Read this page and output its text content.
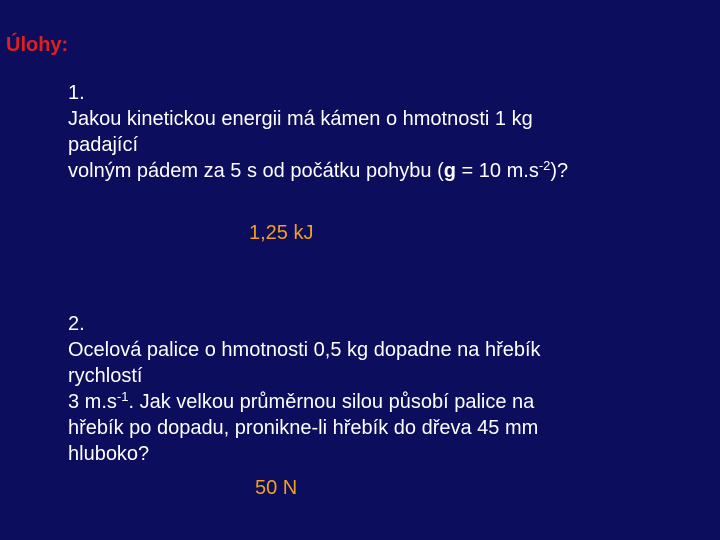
Úlohy:
1.
Jakou kinetickou energii má kámen o hmotnosti 1 kg
padající
volným pádem za 5 s od počátku pohybu (g = 10 $m.s^{-2}$)?
1,25 kJ
2.
Ocelová palice o hmotnosti 0,5 kg dopadne na hřebík
rychlostí
3 $m.s^{-1}$. Jak velkou průměrnou silou působí palice na
hřebík po dopadu, pronikne-li hřebík do dřeva 45 mm
hluboko?
50 N
